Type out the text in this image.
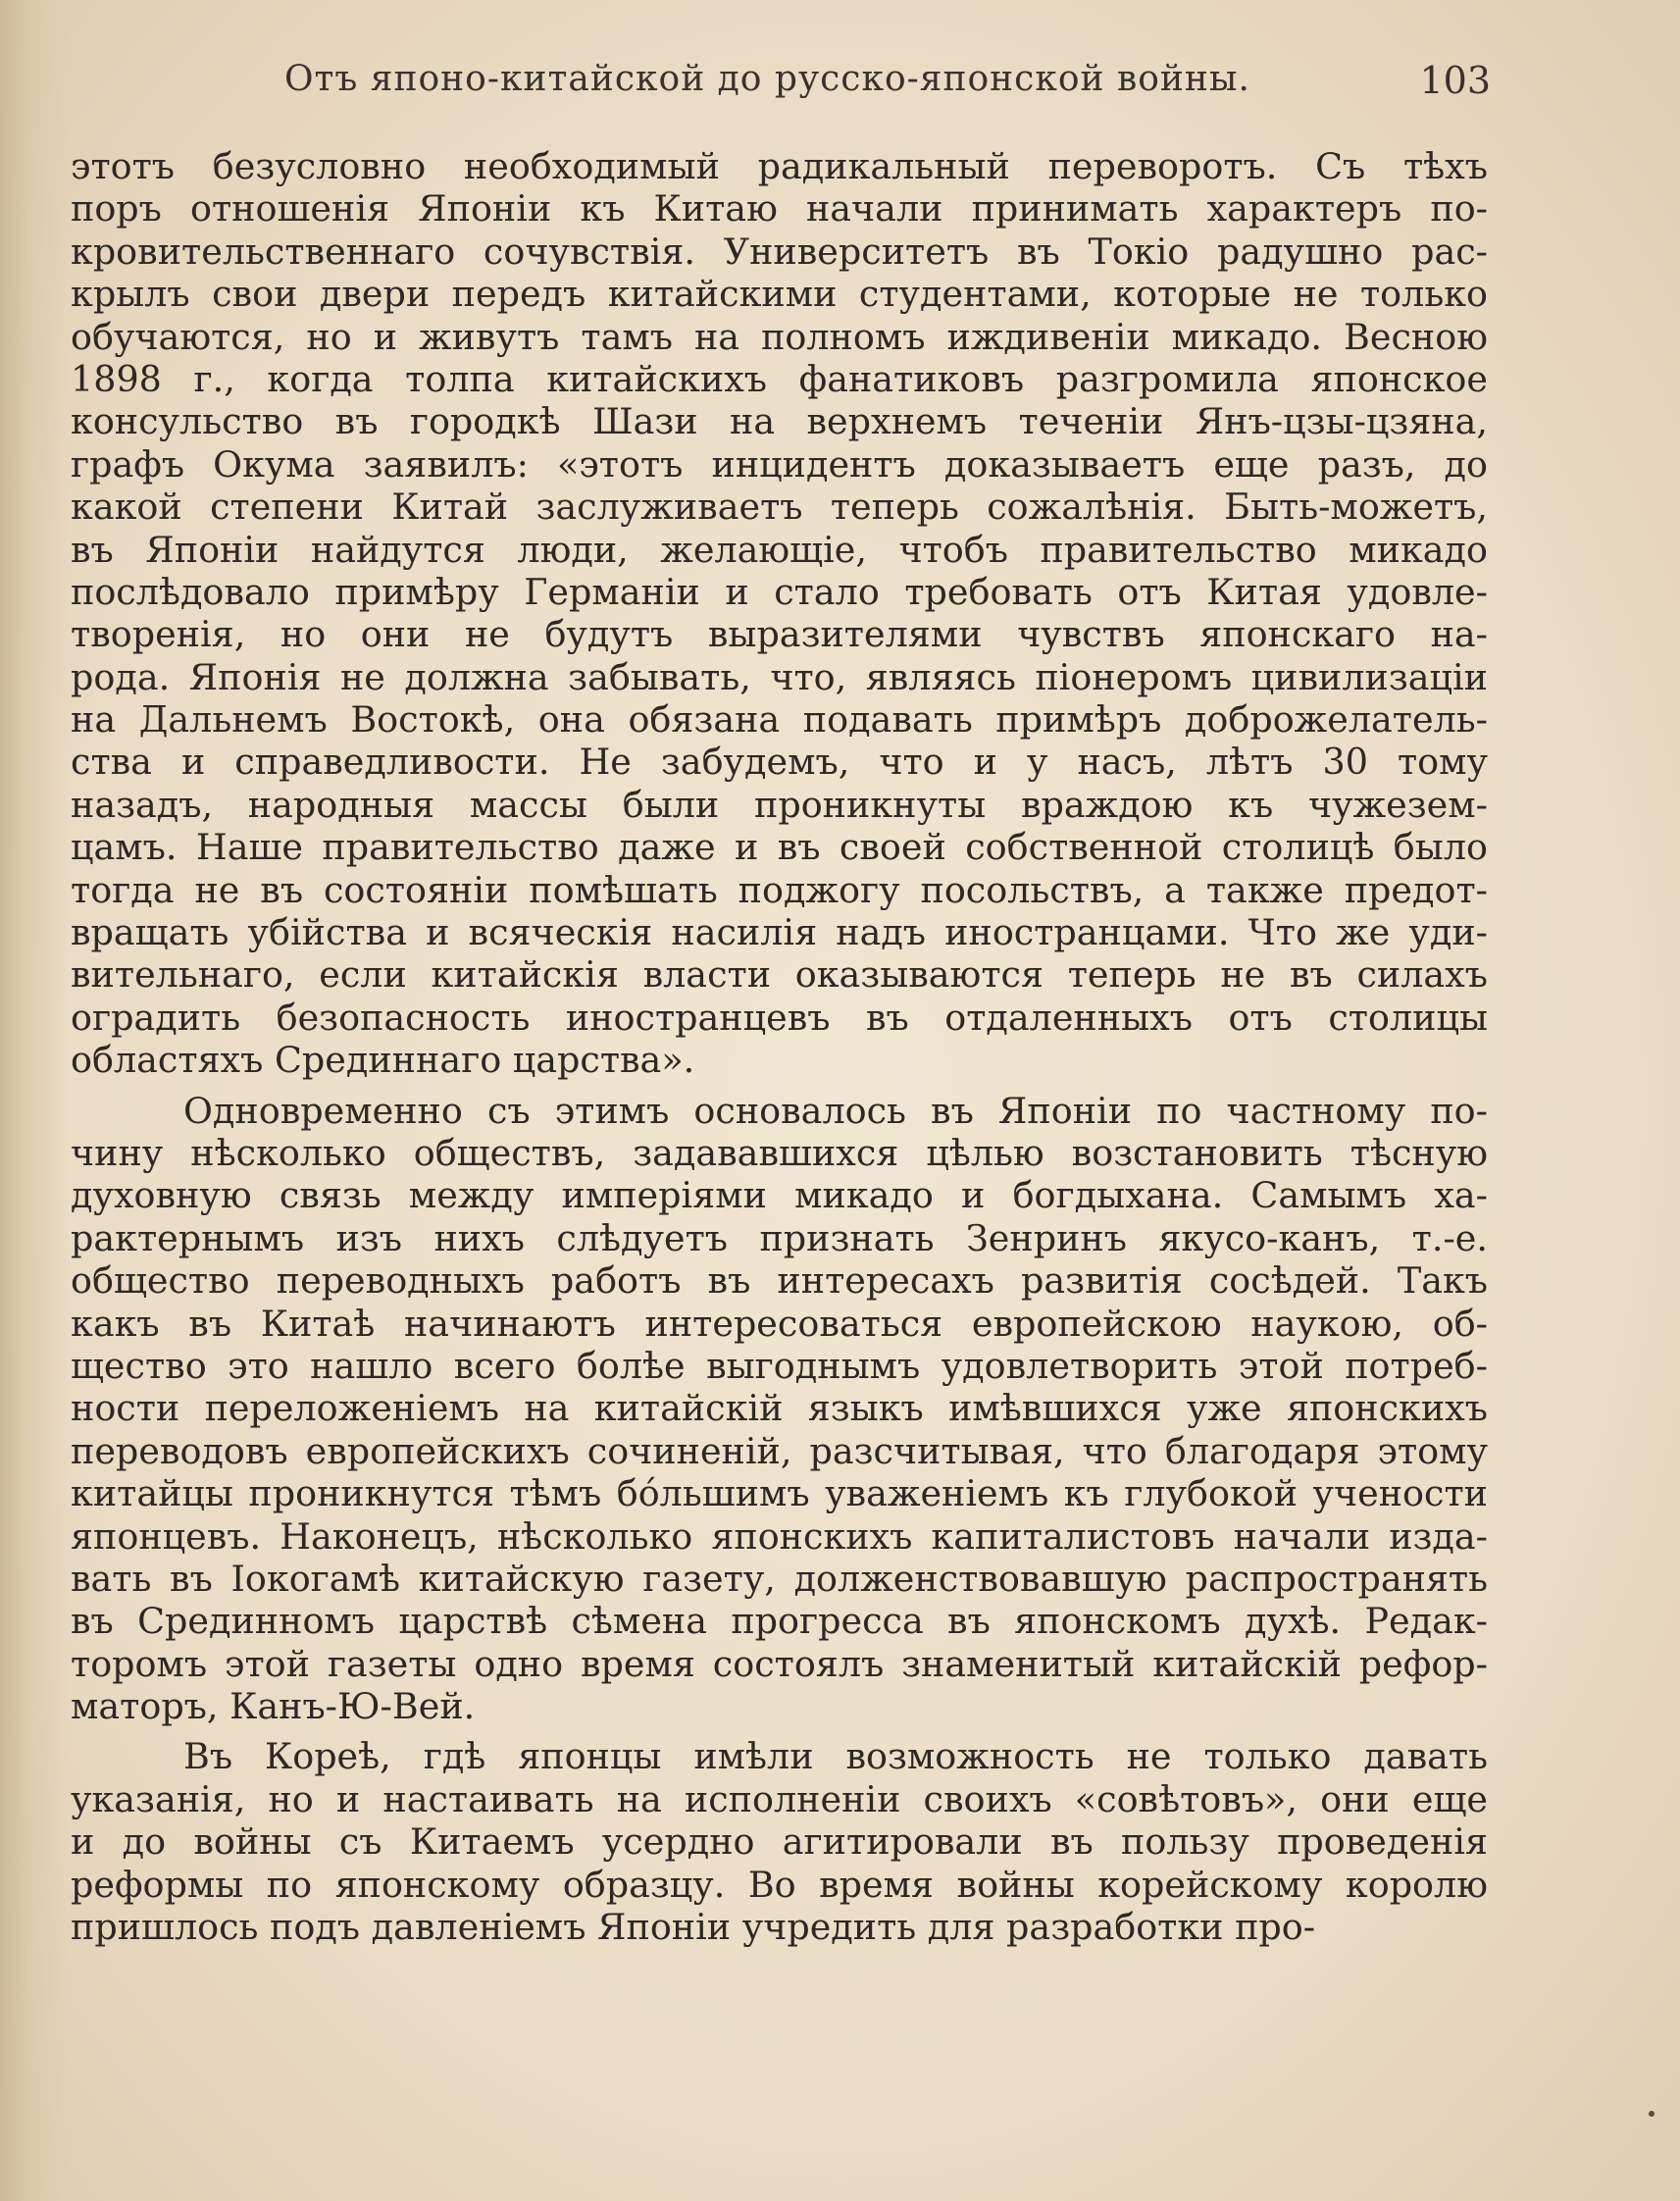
Отъ японо-китайской до русско-японской войны.	103
этотъ безусловно необходимый радикальный переворотъ. Съ тѣхъ
поръ отношенія Японіи къ Китаю начали принимать характеръ по-
кровительственнаго сочувствія. Университетъ въ Токіо радушно рас-
крылъ свои двери передъ китайскими студентами, которые не только
обучаются, но и живутъ тамъ на полномъ иждивеніи микадо. Весною
1898 г., когда толпа китайскихъ фанатиковъ разгромила японское
консульство въ городкѣ Шази на верхнемъ теченіи Янъ-цзы-цзяна,
графъ Окума заявилъ: «этотъ инцидентъ доказываетъ еще разъ, до
какой степени Китай заслуживаетъ теперь сожалѣнія. Быть-можетъ,
въ Японіи найдутся люди, желающіе, чтобъ правительство микадо
послѣдовало примѣру Германіи и стало требовать отъ Китая удовле-
творенія, но они не будутъ выразителями чувствъ японскаго на-
рода. Японія не должна забывать, что, являясь піонеромъ цивилизаціи
на Дальнемъ Востокѣ, она обязана подавать примѣръ доброжелатель-
ства и справедливости. Не забудемъ, что и у насъ, лѣтъ 30 тому
назадъ, народныя массы были проникнуты враждою къ чужезем-
цамъ. Наше правительство даже и въ своей собственной столицѣ было
тогда не въ состояніи помѣшать поджогу посольствъ, а также предот-
вращать убійства и всяческія насилія надъ иностранцами. Что же уди-
вительнаго, если китайскія власти оказываются теперь не въ силахъ
оградить безопасность иностранцевъ въ отдаленныхъ отъ столицы
областяхъ Срединнаго царства».
Одновременно съ этимъ основалось въ Японіи по частному по-
чину нѣсколько обществъ, задававшихся цѣлью возстановить тѣсную
духовную связь между имперіями микадо и богдыхана. Самымъ ха-
рактернымъ изъ нихъ слѣдуетъ признать Зенринъ якусо-канъ, т.-е.
общество переводныхъ работъ въ интересахъ развитія сосѣдей. Такъ
какъ въ Китаѣ начинаютъ интересоваться европейскою наукою, об-
щество это нашло всего болѣе выгоднымъ удовлетворить этой потреб-
ности переложеніемъ на китайскій языкъ имѣвшихся уже японскихъ
переводовъ европейскихъ сочиненій, разсчитывая, что благодаря этому
китайцы проникнутся тѣмъ бо́льшимъ уваженіемъ къ глубокой учености
японцевъ. Наконецъ, нѣсколько японскихъ капиталистовъ начали изда-
вать въ Іокогамѣ китайскую газету, долженствовавшую распространять
въ Срединномъ царствѣ сѣмена прогресса въ японскомъ духѣ. Редак-
торомъ этой газеты одно время состоялъ знаменитый китайскій рефор-
маторъ, Канъ-Ю-Вей.
Въ Кореѣ, гдѣ японцы имѣли возможность не только давать
указанія, но и настаивать на исполненіи своихъ «совѣтовъ», они еще
и до войны съ Китаемъ усердно агитировали въ пользу проведенія
реформы по японскому образцу. Во время войны корейскому королю
пришлось подъ давленіемъ Японіи учредить для разработки про-
